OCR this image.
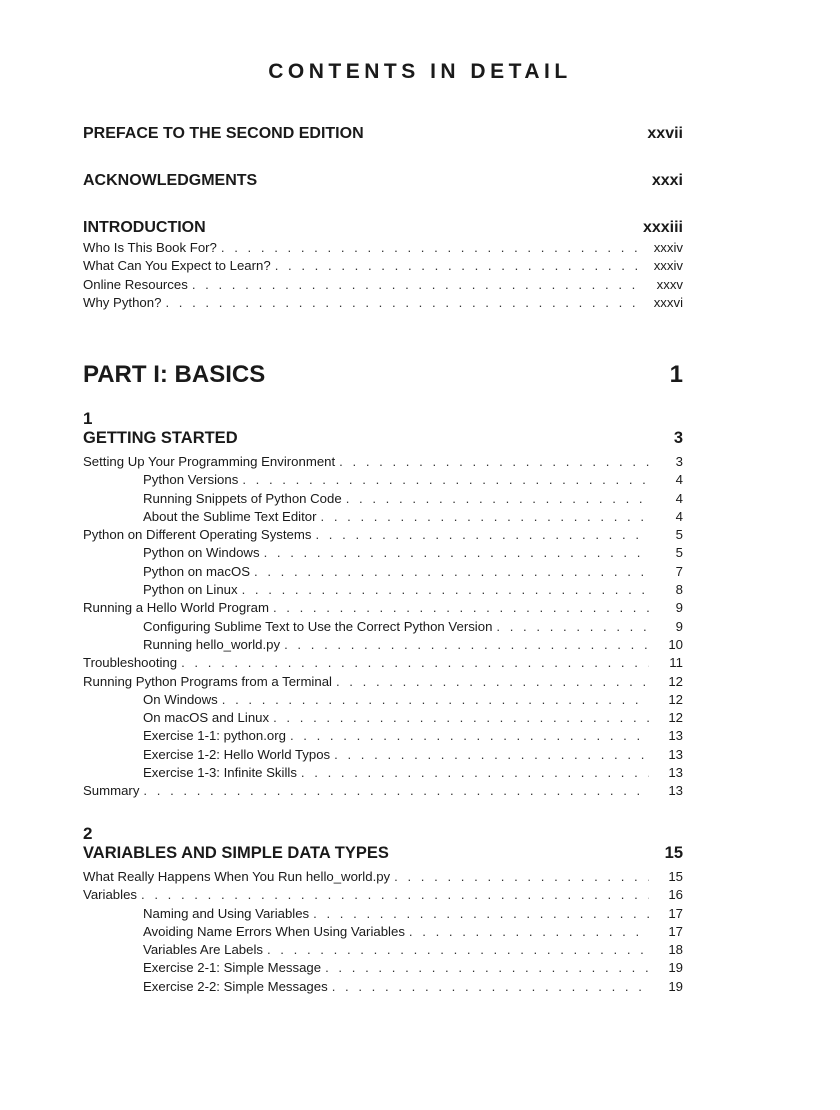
CONTENTS IN DETAIL
PREFACE TO THE SECOND EDITION	xxvii
ACKNOWLEDGMENTS	xxxi
INTRODUCTION	xxxiii
Who Is This Book For? . . .	xxxiv
What Can You Expect to Learn? . . .	xxxiv
Online Resources . . .	xxxv
Why Python? . . .	xxxvi
PART I: BASICS	1
1
GETTING STARTED	3
Setting Up Your Programming Environment . . .	3
Python Versions . . .	4
Running Snippets of Python Code . . .	4
About the Sublime Text Editor . . .	4
Python on Different Operating Systems . . .	5
Python on Windows . . .	5
Python on macOS . . .	7
Python on Linux . . .	8
Running a Hello World Program . . .	9
Configuring Sublime Text to Use the Correct Python Version . . .	9
Running hello_world.py . . .	10
Troubleshooting . . .	11
Running Python Programs from a Terminal . . .	12
On Windows . . .	12
On macOS and Linux . . .	12
Exercise 1-1: python.org . . .	13
Exercise 1-2: Hello World Typos . . .	13
Exercise 1-3: Infinite Skills . . .	13
Summary . . .	13
2
VARIABLES AND SIMPLE DATA TYPES	15
What Really Happens When You Run hello_world.py . . .	15
Variables . . .	16
Naming and Using Variables . . .	17
Avoiding Name Errors When Using Variables . . .	17
Variables Are Labels . . .	18
Exercise 2-1: Simple Message . . .	19
Exercise 2-2: Simple Messages . . .	19
